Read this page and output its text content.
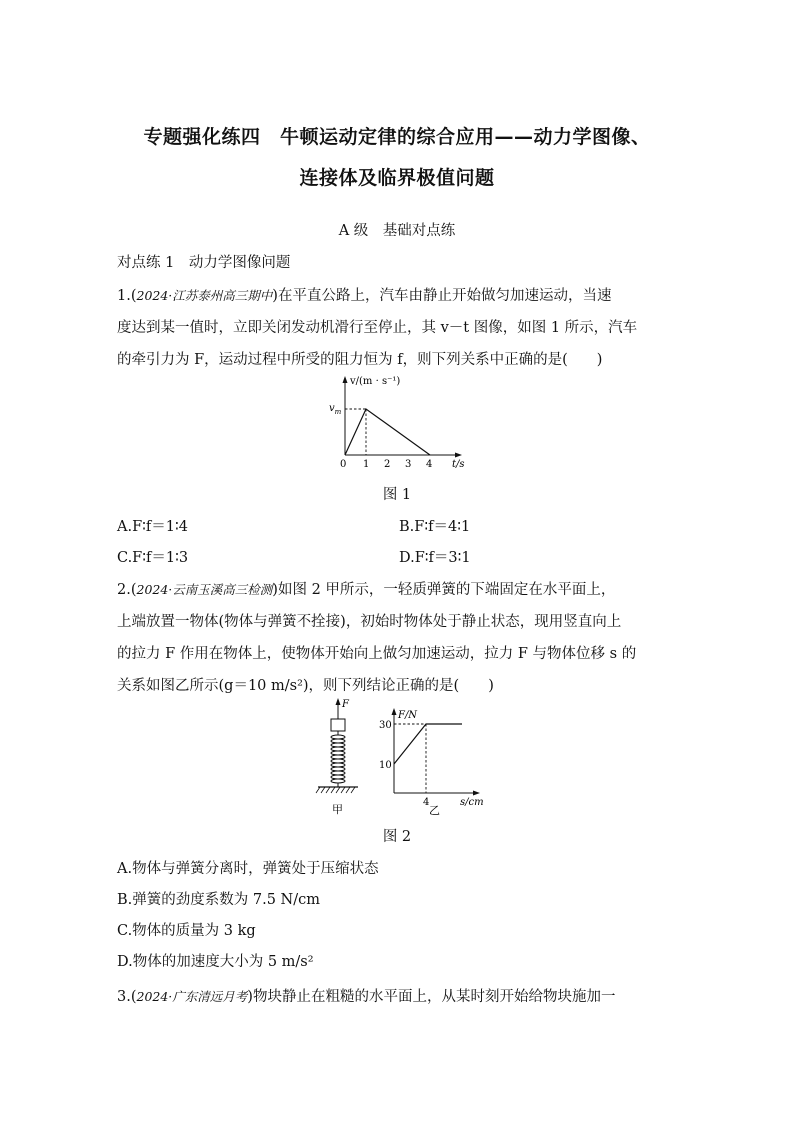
专题强化练四　牛顿运动定律的综合应用——动力学图像、
连接体及临界极值问题
A 级　基础对点练
对点练 1　动力学图像问题
1.(2024·江苏泰州高三期中)在平直公路上，汽车由静止开始做匀加速运动，当速
度达到某一值时，立即关闭发动机滑行至停止，其 v－t 图像，如图 1 所示，汽车
的牵引力为 F，运动过程中所受的阻力恒为 f，则下列关系中正确的是(　　)
v/(m · s⁻¹)
$v_m$
t/s
0 1 2 3 4
图 1
A.F∶f＝1∶4	B.F∶f＝4∶1
C.F∶f＝1∶3	D.F∶f＝3∶1
2.(2024·云南玉溪高三检测)如图 2 甲所示，一轻质弹簧的下端固定在水平面上，
上端放置一物体(物体与弹簧不拴接)，初始时物体处于静止状态，现用竖直向上
的拉力 F 作用在物体上，使物体开始向上做匀加速运动，拉力 F 与物体位移 s 的
关系如图乙所示(g＝10 m/s²)，则下列结论正确的是(　　)
F
甲
F/N
30
10
4	s/cm
乙
图 2
A.物体与弹簧分离时，弹簧处于压缩状态
B.弹簧的劲度系数为 7.5 N/cm
C.物体的质量为 3 kg
D.物体的加速度大小为 5 m/s²
3.(2024·广东清远月考)物块静止在粗糙的水平面上，从某时刻开始给物块施加一
